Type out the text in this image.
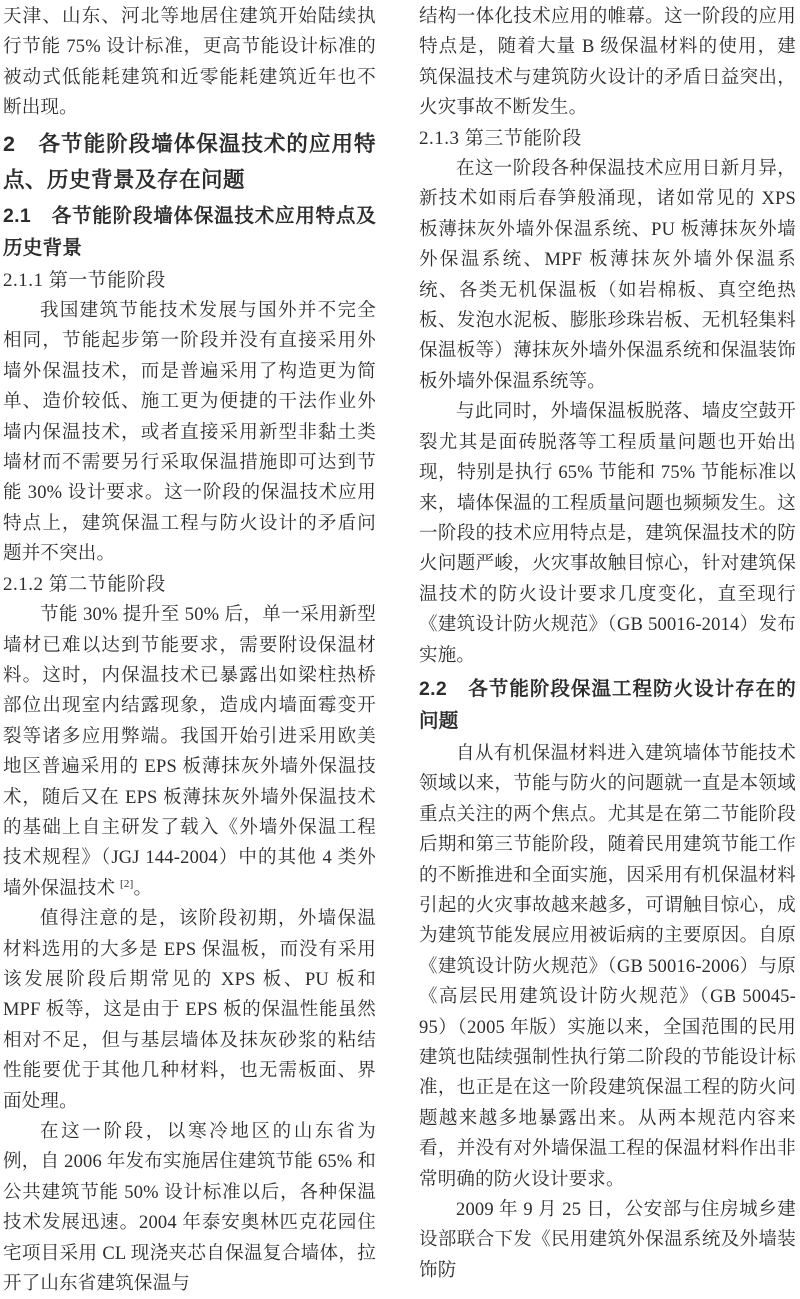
天津、山东、河北等地居住建筑开始陆续执行节能 75% 设计标准，更高节能设计标准的被动式低能耗建筑和近零能耗建筑近年也不断出现。

2　各节能阶段墙体保温技术的应用特点、历史背景及存在问题

2.1　各节能阶段墙体保温技术应用特点及历史背景

2.1.1 第一节能阶段

我国建筑节能技术发展与国外并不完全相同，节能起步第一阶段并没有直接采用外墙外保温技术，而是普遍采用了构造更为简单、造价较低、施工更为便捷的干法作业外墙内保温技术，或者直接采用新型非黏土类墙材而不需要另行采取保温措施即可达到节能 30% 设计要求。这一阶段的保温技术应用特点上，建筑保温工程与防火设计的矛盾问题并不突出。

2.1.2 第二节能阶段

节能 30% 提升至 50% 后，单一采用新型墙材已难以达到节能要求，需要附设保温材料。这时，内保温技术已暴露出如梁柱热桥部位出现室内结露现象，造成内墙面霉变开裂等诸多应用弊端。我国开始引进采用欧美地区普遍采用的 EPS 板薄抹灰外墙外保温技术，随后又在 EPS 板薄抹灰外墙外保温技术的基础上自主研发了载入《外墙外保温工程技术规程》（JGJ 144-2004）中的其他 4 类外墙外保温技术 [2]。

值得注意的是，该阶段初期，外墙保温材料选用的大多是 EPS 保温板，而没有采用该发展阶段后期常见的 XPS 板、PU 板和 MPF 板等，这是由于 EPS 板的保温性能虽然相对不足，但与基层墙体及抹灰砂浆的粘结性能要优于其他几种材料，也无需板面、界面处理。

在这一阶段，以寒冷地区的山东省为例，自 2006 年发布实施居住建筑节能 65% 和公共建筑节能 50% 设计标准以后，各种保温技术发展迅速。2004 年泰安奥林匹克花园住宅项目采用 CL 现浇夹芯自保温复合墙体，拉开了山东省建筑保温与

结构一体化技术应用的帷幕。这一阶段的应用特点是，随着大量 B 级保温材料的使用，建筑保温技术与建筑防火设计的矛盾日益突出，火灾事故不断发生。

2.1.3 第三节能阶段

在这一阶段各种保温技术应用日新月异，新技术如雨后春笋般涌现，诸如常见的 XPS 板薄抹灰外墙外保温系统、PU 板薄抹灰外墙外保温系统、MPF 板薄抹灰外墙外保温系统、各类无机保温板（如岩棉板、真空绝热板、发泡水泥板、膨胀珍珠岩板、无机轻集料保温板等）薄抹灰外墙外保温系统和保温装饰板外墙外保温系统等。

与此同时，外墙保温板脱落、墙皮空鼓开裂尤其是面砖脱落等工程质量问题也开始出现，特别是执行 65% 节能和 75% 节能标准以来，墙体保温的工程质量问题也频频发生。这一阶段的技术应用特点是，建筑保温技术的防火问题严峻，火灾事故触目惊心，针对建筑保温技术的防火设计要求几度变化，直至现行《建筑设计防火规范》（GB 50016-2014）发布实施。

2.2　各节能阶段保温工程防火设计存在的问题

自从有机保温材料进入建筑墙体节能技术领域以来，节能与防火的问题就一直是本领域重点关注的两个焦点。尤其是在第二节能阶段后期和第三节能阶段，随着民用建筑节能工作的不断推进和全面实施，因采用有机保温材料引起的火灾事故越来越多，可谓触目惊心，成为建筑节能发展应用被诟病的主要原因。自原《建筑设计防火规范》（GB 50016-2006）与原《高层民用建筑设计防火规范》（GB 50045-95）（2005 年版）实施以来，全国范围的民用建筑也陆续强制性执行第二阶段的节能设计标准，也正是在这一阶段建筑保温工程的防火问题越来越多地暴露出来。从两本规范内容来看，并没有对外墙保温工程的保温材料作出非常明确的防火设计要求。

2009 年 9 月 25 日，公安部与住房城乡建设部联合下发《民用建筑外保温系统及外墙装饰防
